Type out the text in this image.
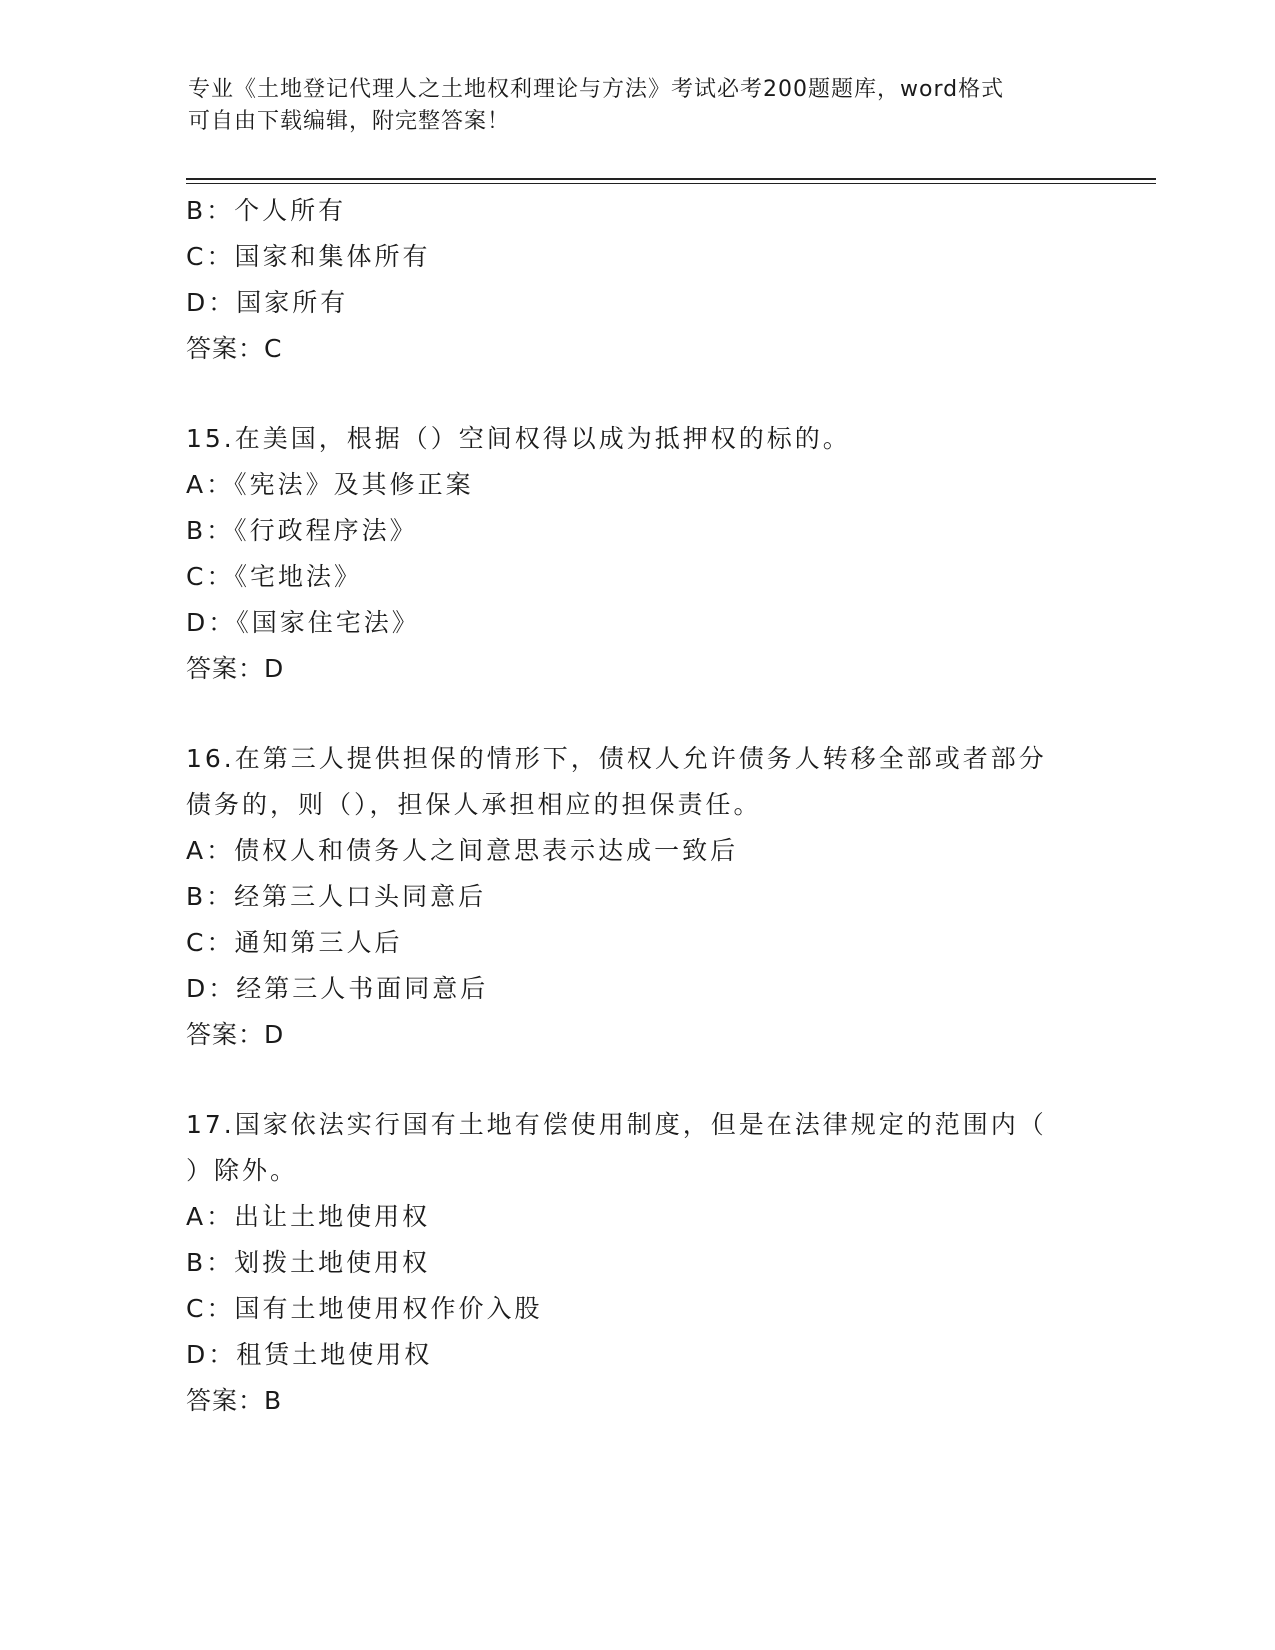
专业《土地登记代理人之土地权利理论与方法》考试必考200题题库，word格式
可自由下载编辑，附完整答案！
B：个人所有
C：国家和集体所有
D：国家所有
答案：C
15.在美国，根据（）空间权得以成为抵押权的标的。
A：《宪法》及其修正案
B：《行政程序法》
C：《宅地法》
D：《国家住宅法》
答案：D
16.在第三人提供担保的情形下，债权人允许债务人转移全部或者部分
债务的，则（），担保人承担相应的担保责任。
A：债权人和债务人之间意思表示达成一致后
B：经第三人口头同意后
C：通知第三人后
D：经第三人书面同意后
答案：D
17.国家依法实行国有土地有偿使用制度，但是在法律规定的范围内（
）除外。
A：出让土地使用权
B：划拨土地使用权
C：国有土地使用权作价入股
D：租赁土地使用权
答案：B
